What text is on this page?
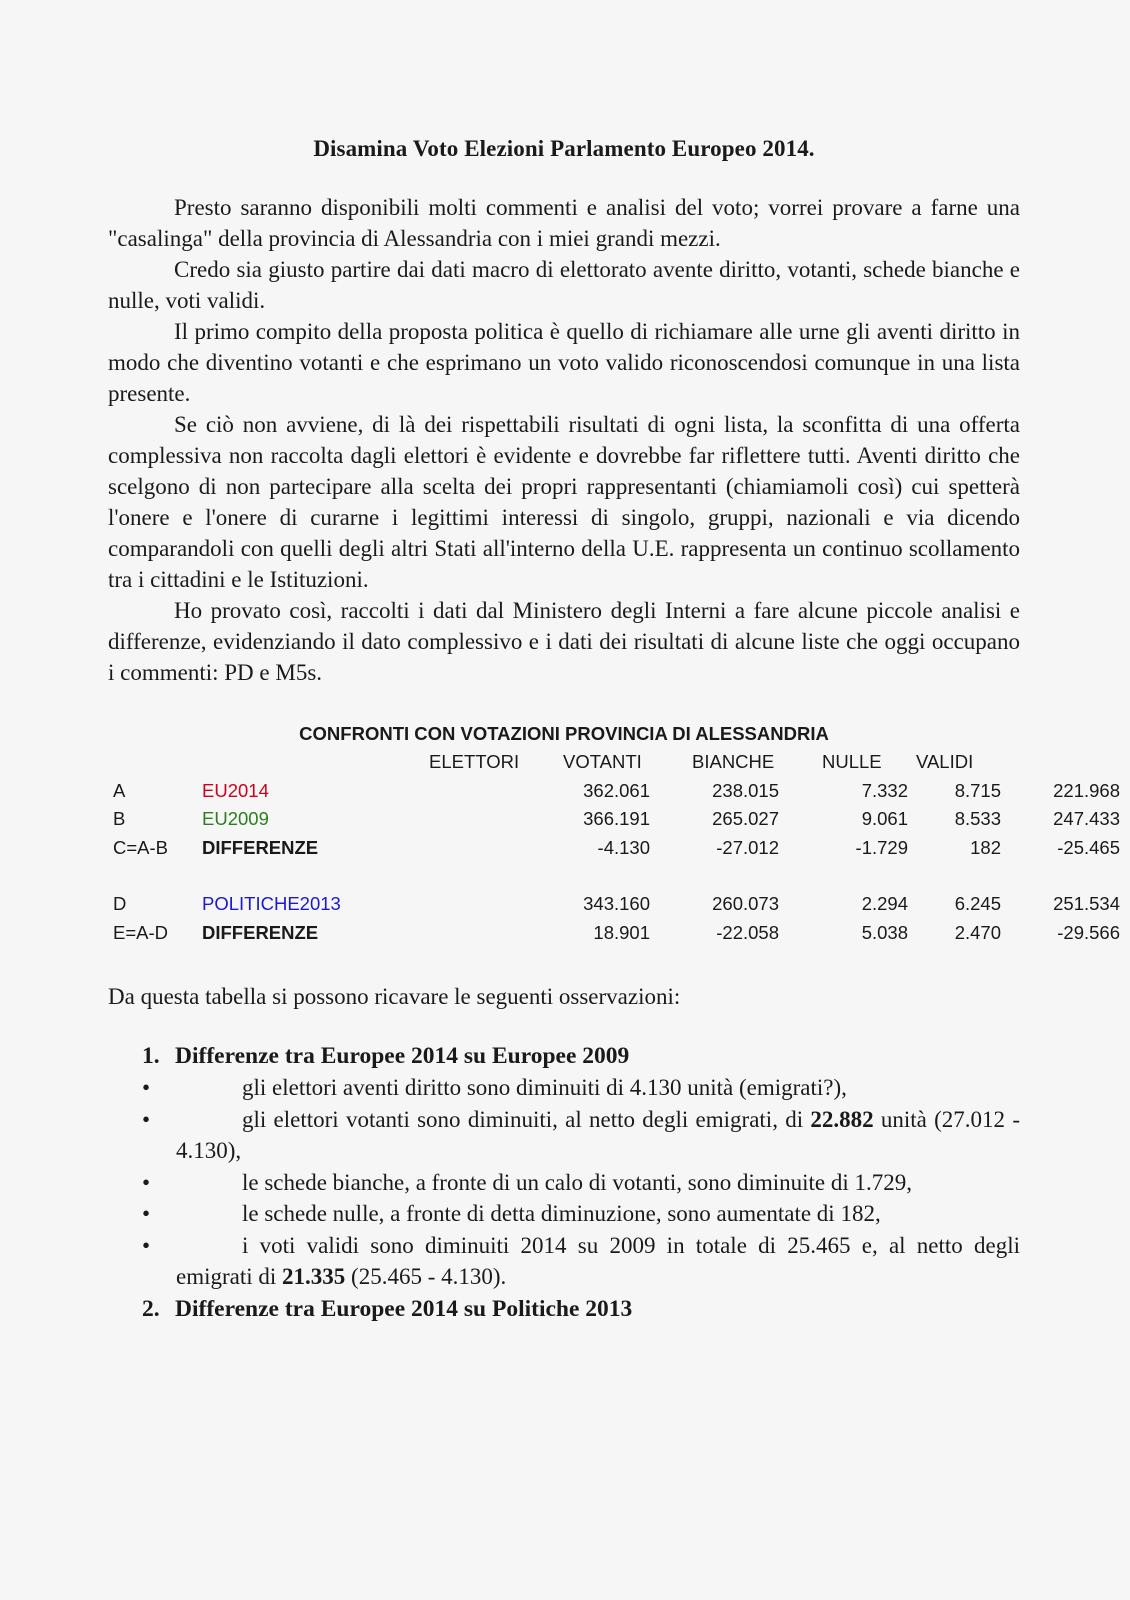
Disamina Voto Elezioni Parlamento Europeo 2014.

Presto saranno disponibili molti commenti e analisi del voto; vorrei provare a farne una "casalinga" della provincia di Alessandria con i miei grandi mezzi.

Credo sia giusto partire dai dati macro di elettorato avente diritto, votanti, schede bianche e nulle, voti validi.

Il primo compito della proposta politica è quello di richiamare alle urne gli aventi diritto in modo che diventino votanti e che esprimano un voto valido riconoscendosi comunque in una lista presente.

Se ciò non avviene, di là dei rispettabili risultati di ogni lista, la sconfitta di una offerta complessiva non raccolta dagli elettori è evidente e dovrebbe far riflettere tutti. Aventi diritto che scelgono di non partecipare alla scelta dei propri rappresentanti (chiamiamoli così) cui spetterà l'onere e l'onere di curarne i legittimi interessi di singolo, gruppi, nazionali e via dicendo comparandoli con quelli degli altri Stati all'interno della U.E. rappresenta un continuo scollamento tra i cittadini e le Istituzioni.

Ho provato così, raccolti i dati dal Ministero degli Interni a fare alcune piccole analisi e differenze, evidenziando il dato complessivo e i dati dei risultati di alcune liste che oggi occupano i commenti: PD e M5s.

CONFRONTI CON VOTAZIONI PROVINCIA DI ALESSANDRIA
ELETTORI VOTANTI	BIANCHE	NULLE VALIDI
A	EU2014	362.061	238.015	7.332	8.715	221.968
B	EU2009	366.191	265.027	9.061	8.533	247.433
C=A-B DIFFERENZE	-4.130	-27.012	-1.729	182	-25.465
D	POLITICHE2013	343.160	260.073	2.294	6.245	251.534
E=A-D DIFFERENZE	18.901	-22.058	5.038	2.470	-29.566

Da questa tabella si possono ricavare le seguenti osservazioni:

1. Differenze tra Europee 2014 su Europee 2009
•	gli elettori aventi diritto sono diminuiti di 4.130 unità (emigrati?),
•	gli elettori votanti sono diminuiti, al netto degli emigrati, di 22.882 unità (27.012 - 4.130),
•	le schede bianche, a fronte di un calo di votanti, sono diminuite di 1.729,
•	le schede nulle, a fronte di detta diminuzione, sono aumentate di 182,
•	i voti validi sono diminuiti 2014 su 2009 in totale di 25.465 e, al netto degli emigrati di 21.335 (25.465 - 4.130).
2. Differenze tra Europee 2014 su Politiche 2013
